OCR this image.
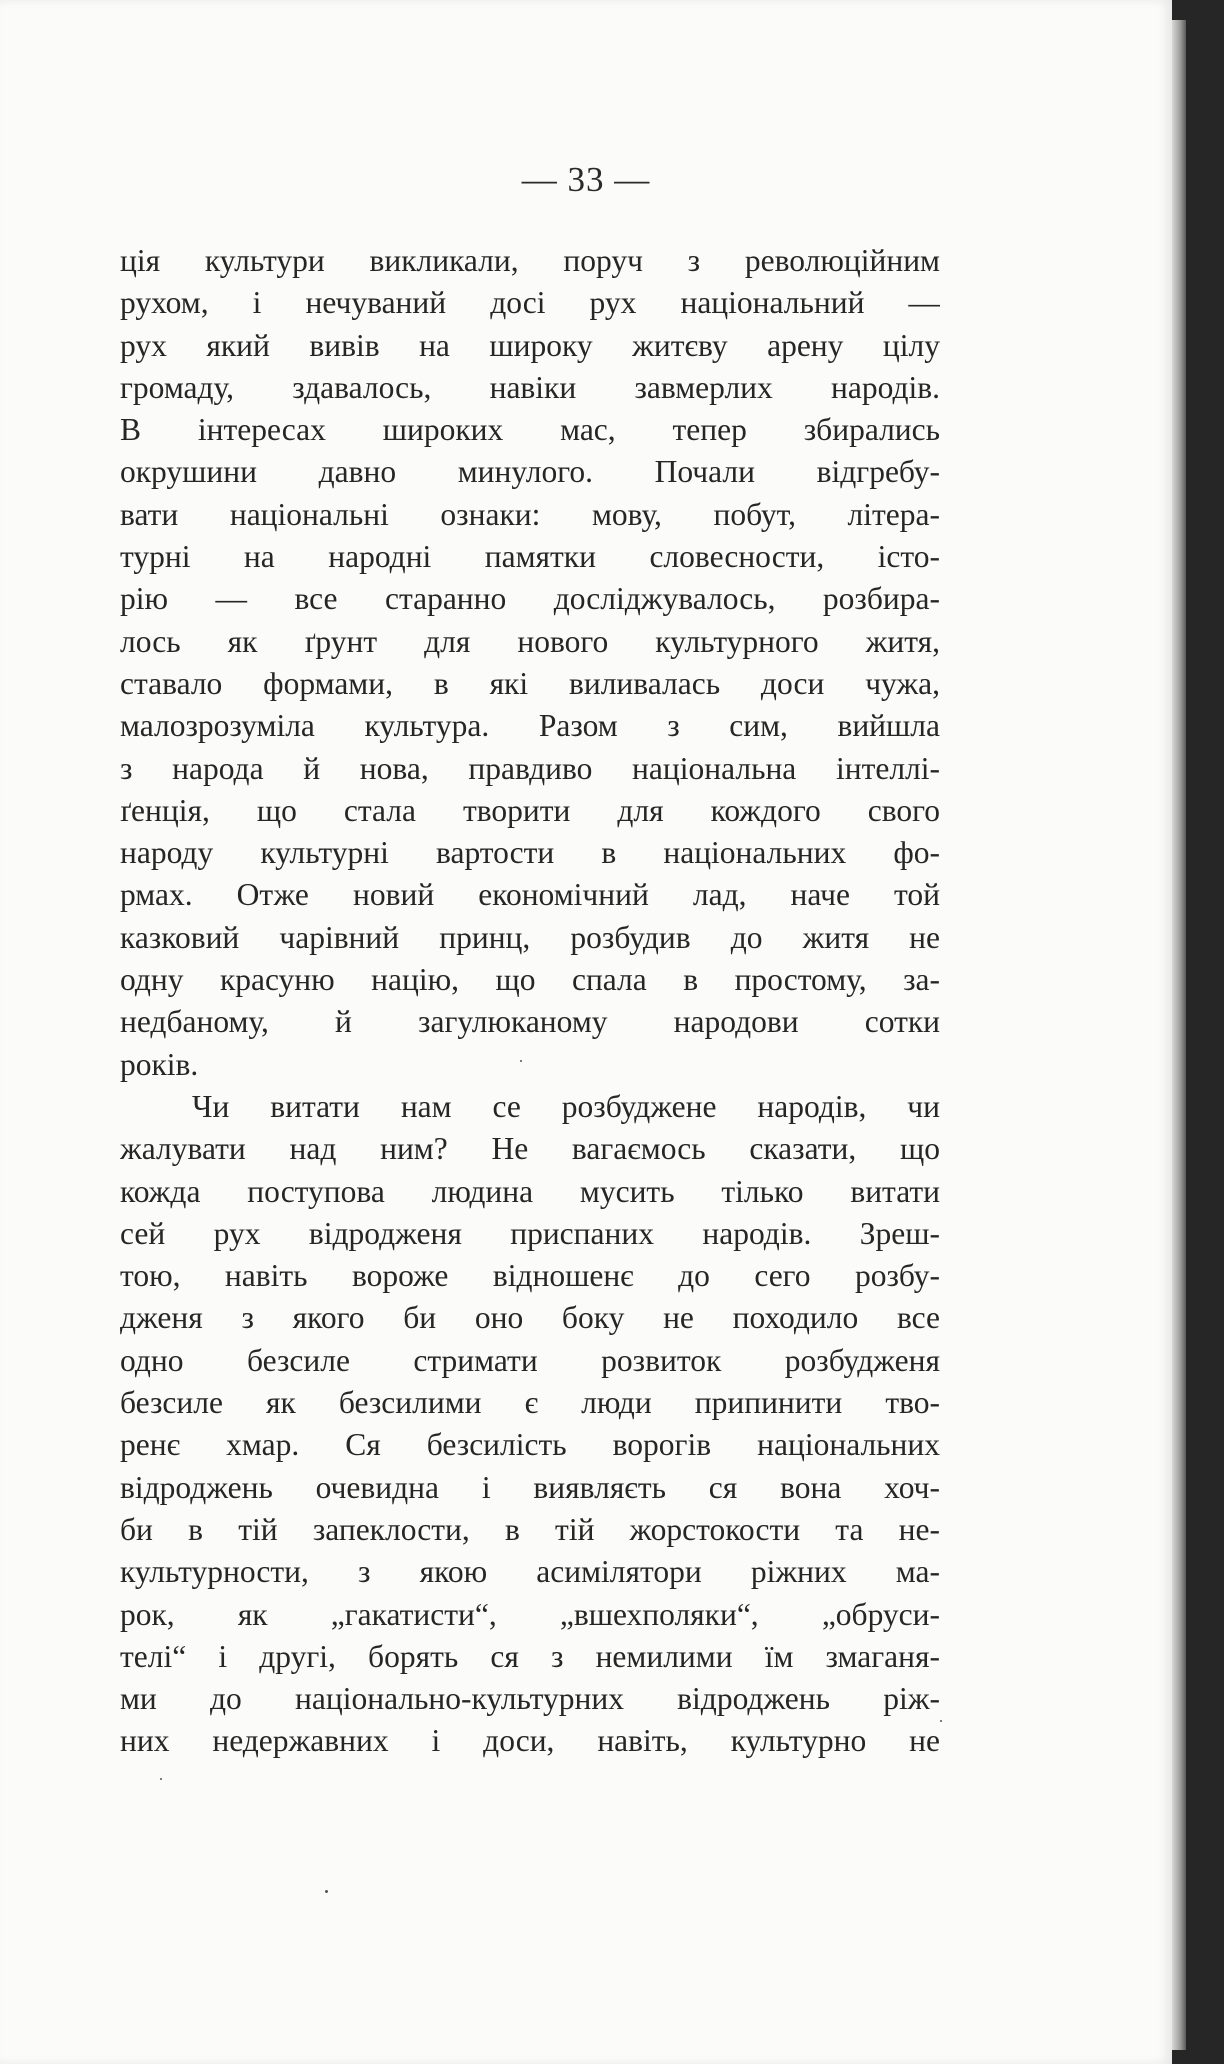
— 33 —
ція культури викликали, поруч з революційним
рухом, і нечуваний досі рух національний —
рух який вивів на широку житєву арену цілу
громаду, здавалось, навіки завмерлих народів.
В інтересах широких мас, тепер збирались
окрушини давно минулого. Почали відгребу-
вати національні ознаки: мову, побут, літера-
турні на народні памятки словесности, істо-
рію — все старанно досліджувалось, розбира-
лось як ґрунт для нового культурного житя,
ставало формами, в які виливалась доси чужа,
малозрозуміла культура. Разом з сим, вийшла
з народа й нова, правдиво національна інтеллі-
ґенція, що стала творити для кождого свого
народу культурні вартости в національних фо-
рмах. Отже новий економічний лад, наче той
казковий чарівний принц, розбудив до житя не
одну красуню націю, що спала в простому, за-
недбаному, й загулюканому народови сотки
років.
Чи витати нам се розбуджене народів, чи
жалувати над ним? Не вагаємось сказати, що
кожда поступова людина мусить тілько витати
сей рух відродженя приспаних народів. Зреш-
тою, навіть вороже відношенє до сего розбу-
дженя з якого би оно боку не походило все
одно безсиле стримати розвиток розбудженя
безсиле як безсилими є люди припинити тво-
ренє хмар. Ся безсилість ворогів національних
відроджень очевидна і виявляєть ся вона хоч-
би в тій запеклости, в тій жорстокости та не-
культурности, з якою асимілятори ріжних ма-
рок, як „гакатисти“, „вшехполяки“, „обруси-
телі“ і другі, борять ся з немилими їм змаганя-
ми до національно-культурних відроджень ріж-
них недержавних і доси, навіть, культурно не
